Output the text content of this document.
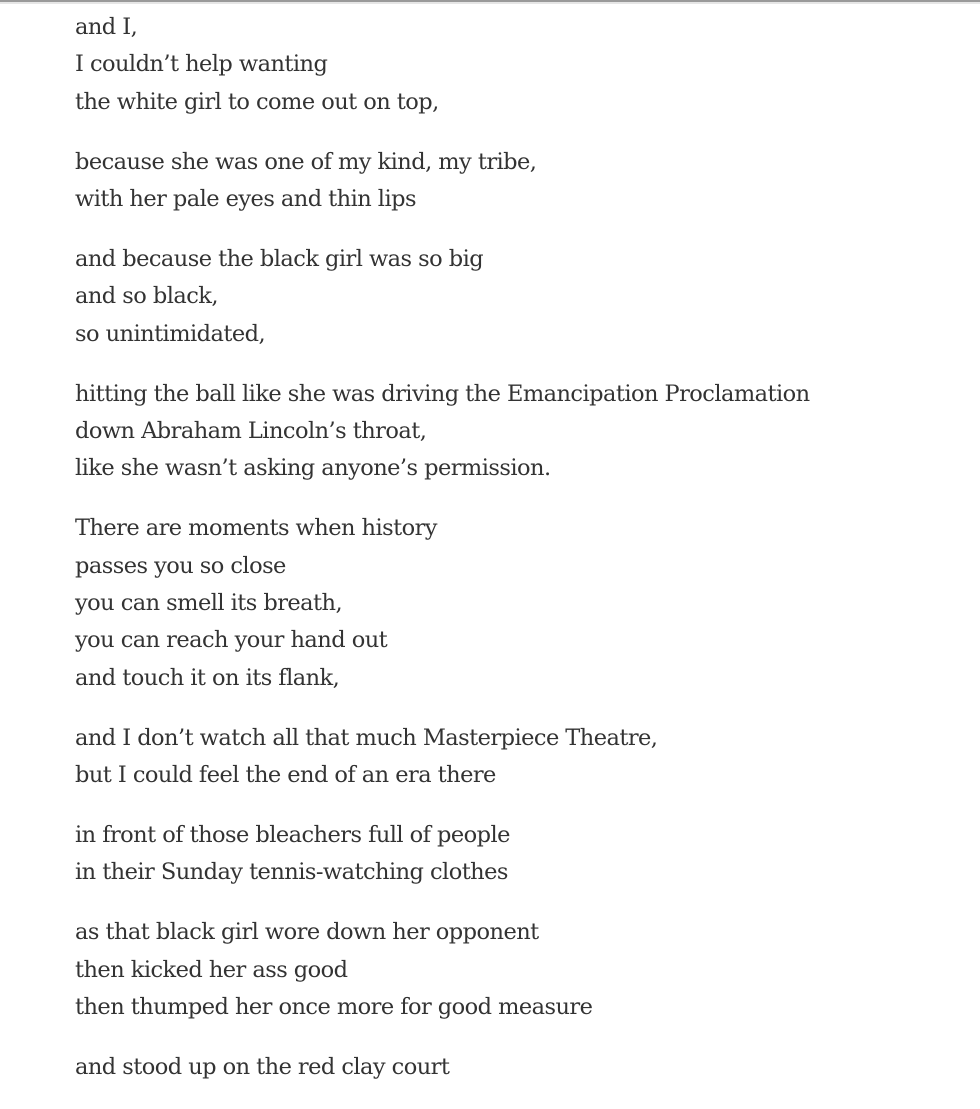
and I,
I couldn’t help wanting
the white girl to come out on top,
because she was one of my kind, my tribe,
with her pale eyes and thin lips
and because the black girl was so big
and so black,
so unintimidated,
hitting the ball like she was driving the Emancipation Proclamation
down Abraham Lincoln’s throat,
like she wasn’t asking anyone’s permission.
There are moments when history
passes you so close
you can smell its breath,
you can reach your hand out
and touch it on its flank,
and I don’t watch all that much Masterpiece Theatre,
but I could feel the end of an era there
in front of those bleachers full of people
in their Sunday tennis-watching clothes
as that black girl wore down her opponent
then kicked her ass good
then thumped her once more for good measure
and stood up on the red clay court
